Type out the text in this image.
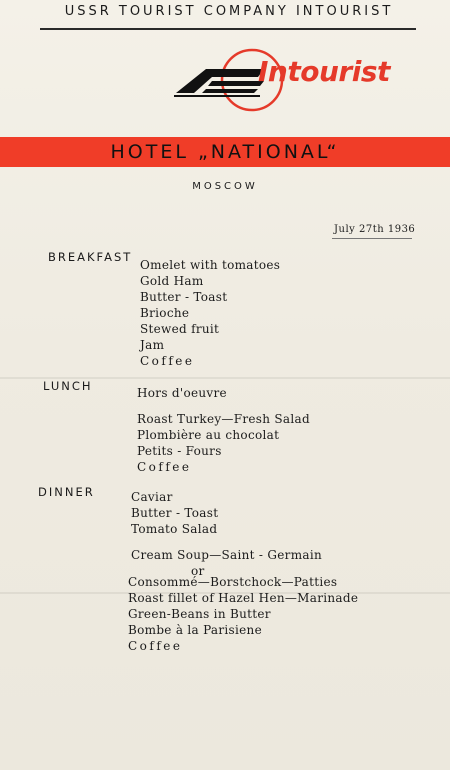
USSR TOURIST COMPANY INTOURIST
Intourist
HOTEL „NATIONAL“
MOSCOW
July 27th 1936
BREAKFAST
Omelet with tomatoes
Gold Ham
Butter - Toast
Brioche
Stewed fruit
Jam
Coffee
LUNCH	Hors d'oeuvre
Roast Turkey—Fresh Salad
Plombière au chocolat
Petits - Fours
Coffee
DINNER	Caviar
Butter - Toast
Tomato Salad
Cream Soup—Saint - Germain
or
Consommé—Borstchock—Patties
Roast fillet of Hazel Hen—Marinade
Green-Beans in Butter
Bombe à la Parisiene
Coffee
